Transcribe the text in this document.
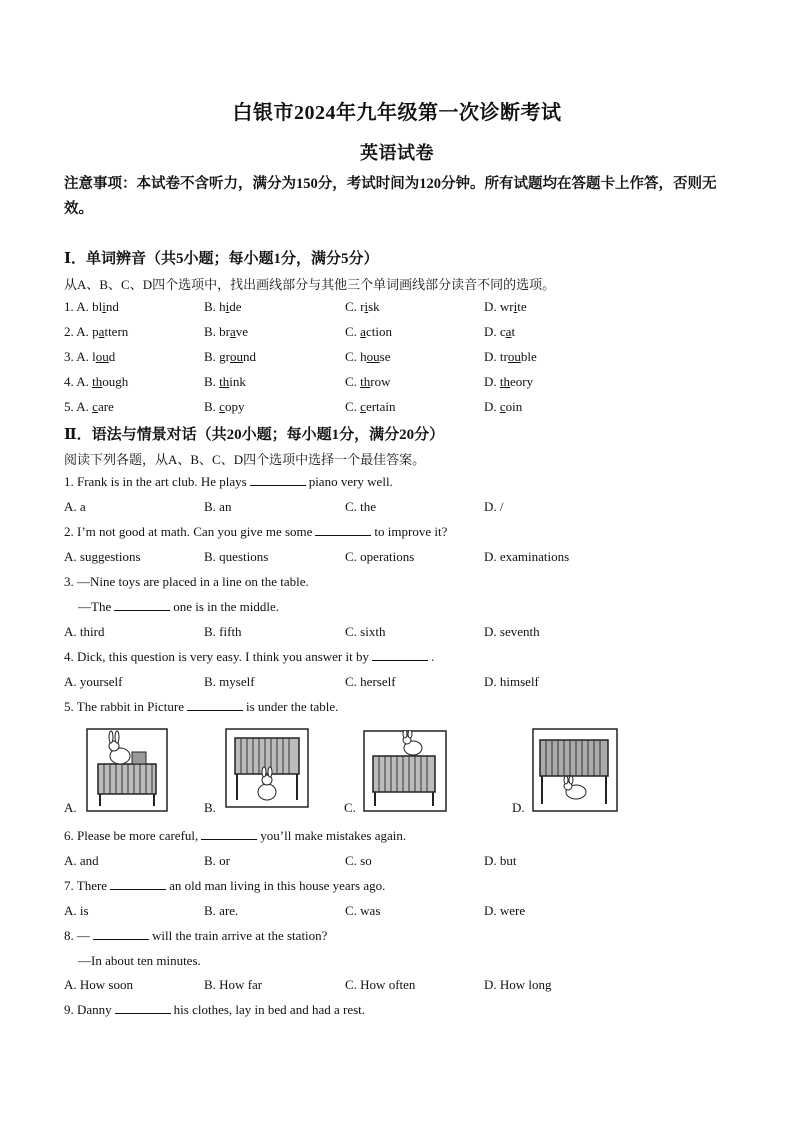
白银市2024年九年级第一次诊断考试
英语试卷
注意事项：本试卷不含听力，满分为150分，考试时间为120分钟。所有试题均在答题卡上作答，否则无效。
Ⅰ．单词辨音（共5小题；每小题1分，满分5分）
从A、B、C、D四个选项中，找出画线部分与其他三个单词画线部分读音不同的选项。
1. A. blind	B. hide	C. risk	D. write
2. A. pattern	B. brave	C. action	D. cat
3. A. loud	B. ground	C. house	D. trouble
4. A. though	B. think	C. throw	D. theory
5. A. care	B. copy	C. certain	D. coin
Ⅱ．语法与情景对话（共20小题；每小题1分，满分20分）
阅读下列各题，从A、B、C、D四个选项中选择一个最佳答案。
1. Frank is in the art club. He plays	piano very well.
A. a	B. an	C. the	D. /
2. I’m not good at math. Can you give me some	to improve it?
A. suggestions	B. questions	C. operations	D. examinations
3. —Nine toys are placed in a line on the table.
—The	one is in the middle.
A. third	B. fifth	C. sixth	D. seventh
4. Dick, this question is very easy. I think you answer it by	.
A. yourself	B. myself	C. herself	D. himself
5. The rabbit in Picture	is under the table.
A.	B.	C.	D.
6. Please be more careful,	you’ll make mistakes again.
A. and	B. or	C. so	D. but
7. There	an old man living in this house years ago.
A. is	B. are.	C. was	D. were
8. —	will the train arrive at the station?
—In about ten minutes.
A. How soon	B. How far	C. How often	D. How long
9. Danny	his clothes, lay in bed and had a rest.
